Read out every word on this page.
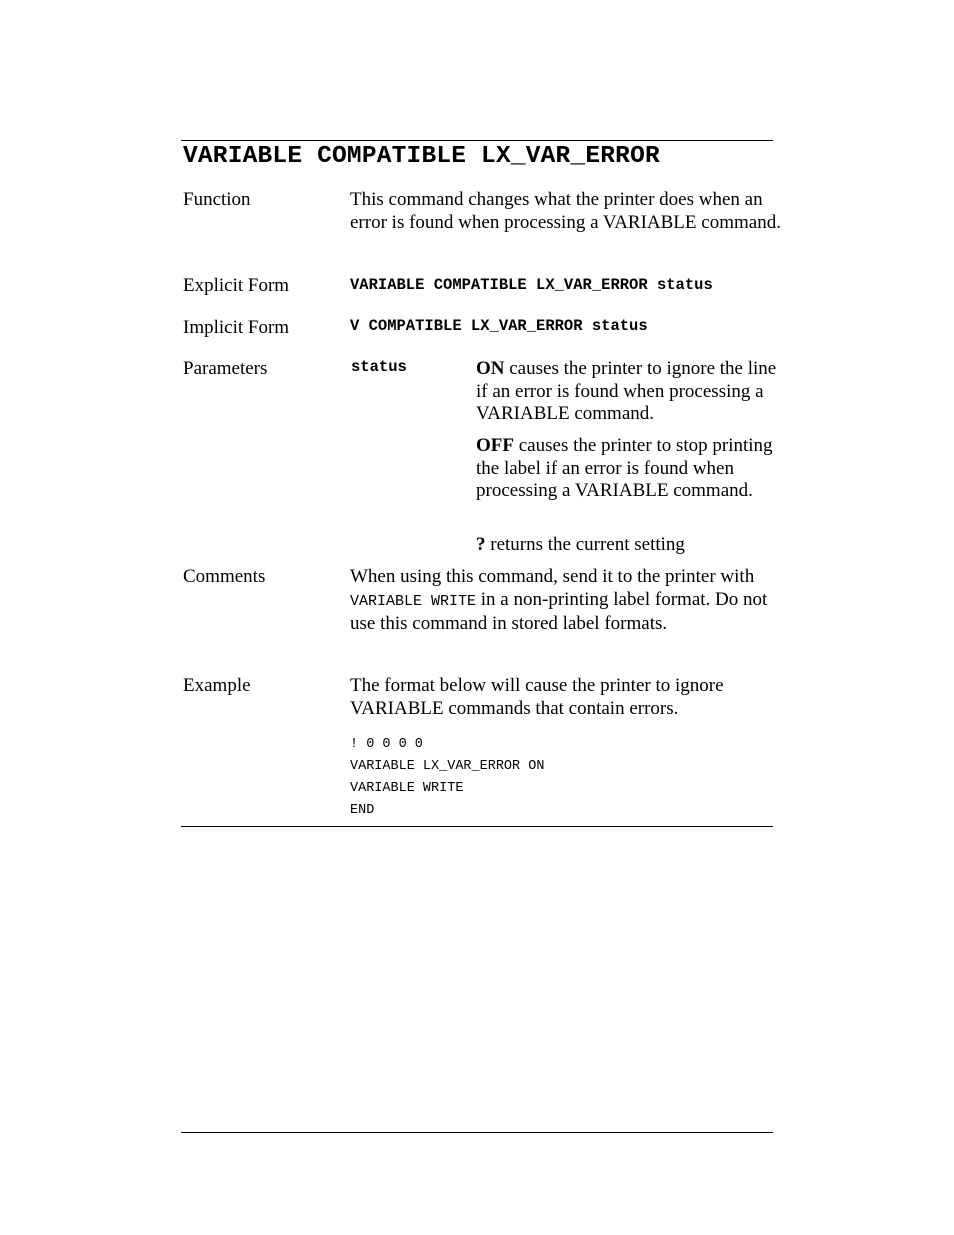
VARIABLE COMPATIBLE LX_VAR_ERROR
Function	This command changes what the printer does when an error is found when processing a VARIABLE command.
Explicit Form	VARIABLE COMPATIBLE LX_VAR_ERROR status
Implicit Form	V COMPATIBLE LX_VAR_ERROR status
Parameters	status	ON causes the printer to ignore the line if an error is found when processing a VARIABLE command.
OFF causes the printer to stop printing the label if an error is found when processing a VARIABLE command.
? returns the current setting
Comments	When using this command, send it to the printer with VARIABLE WRITE in a non-printing label format. Do not use this command in stored label formats.
Example	The format below will cause the printer to ignore VARIABLE commands that contain errors.
! 0 0 0 0
VARIABLE LX_VAR_ERROR ON
VARIABLE WRITE
END
